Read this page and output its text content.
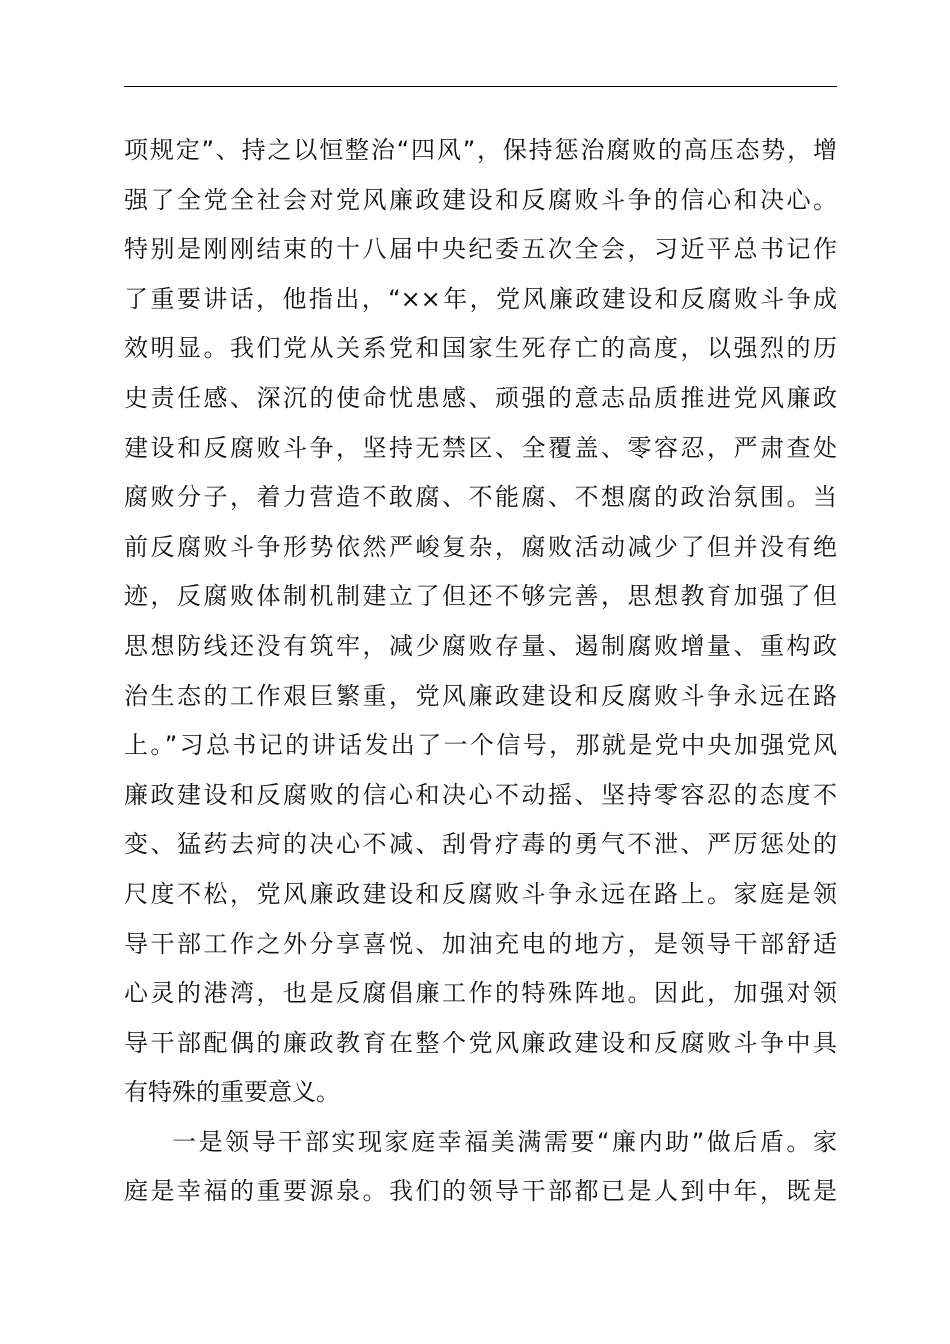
项规定”、持之以恒整治“四风”，保持惩治腐败的高压态势，增
强了全党全社会对党风廉政建设和反腐败斗争的信心和决心。
特别是刚刚结束的十八届中央纪委五次全会，习近平总书记作
了重要讲话，他指出，“××年，党风廉政建设和反腐败斗争成
效明显。我们党从关系党和国家生死存亡的高度，以强烈的历
史责任感、深沉的使命忧患感、顽强的意志品质推进党风廉政
建设和反腐败斗争，坚持无禁区、全覆盖、零容忍，严肃查处
腐败分子，着力营造不敢腐、不能腐、不想腐的政治氛围。当
前反腐败斗争形势依然严峻复杂，腐败活动减少了但并没有绝
迹，反腐败体制机制建立了但还不够完善，思想教育加强了但
思想防线还没有筑牢，减少腐败存量、遏制腐败增量、重构政
治生态的工作艰巨繁重，党风廉政建设和反腐败斗争永远在路
上。”习总书记的讲话发出了一个信号，那就是党中央加强党风
廉政建设和反腐败的信心和决心不动摇、坚持零容忍的态度不
变、猛药去疴的决心不减、刮骨疗毒的勇气不泄、严厉惩处的
尺度不松，党风廉政建设和反腐败斗争永远在路上。家庭是领
导干部工作之外分享喜悦、加油充电的地方，是领导干部舒适
心灵的港湾，也是反腐倡廉工作的特殊阵地。因此，加强对领
导干部配偶的廉政教育在整个党风廉政建设和反腐败斗争中具
有特殊的重要意义。
一是领导干部实现家庭幸福美满需要“廉内助”做后盾。家
庭是幸福的重要源泉。我们的领导干部都已是人到中年，既是
